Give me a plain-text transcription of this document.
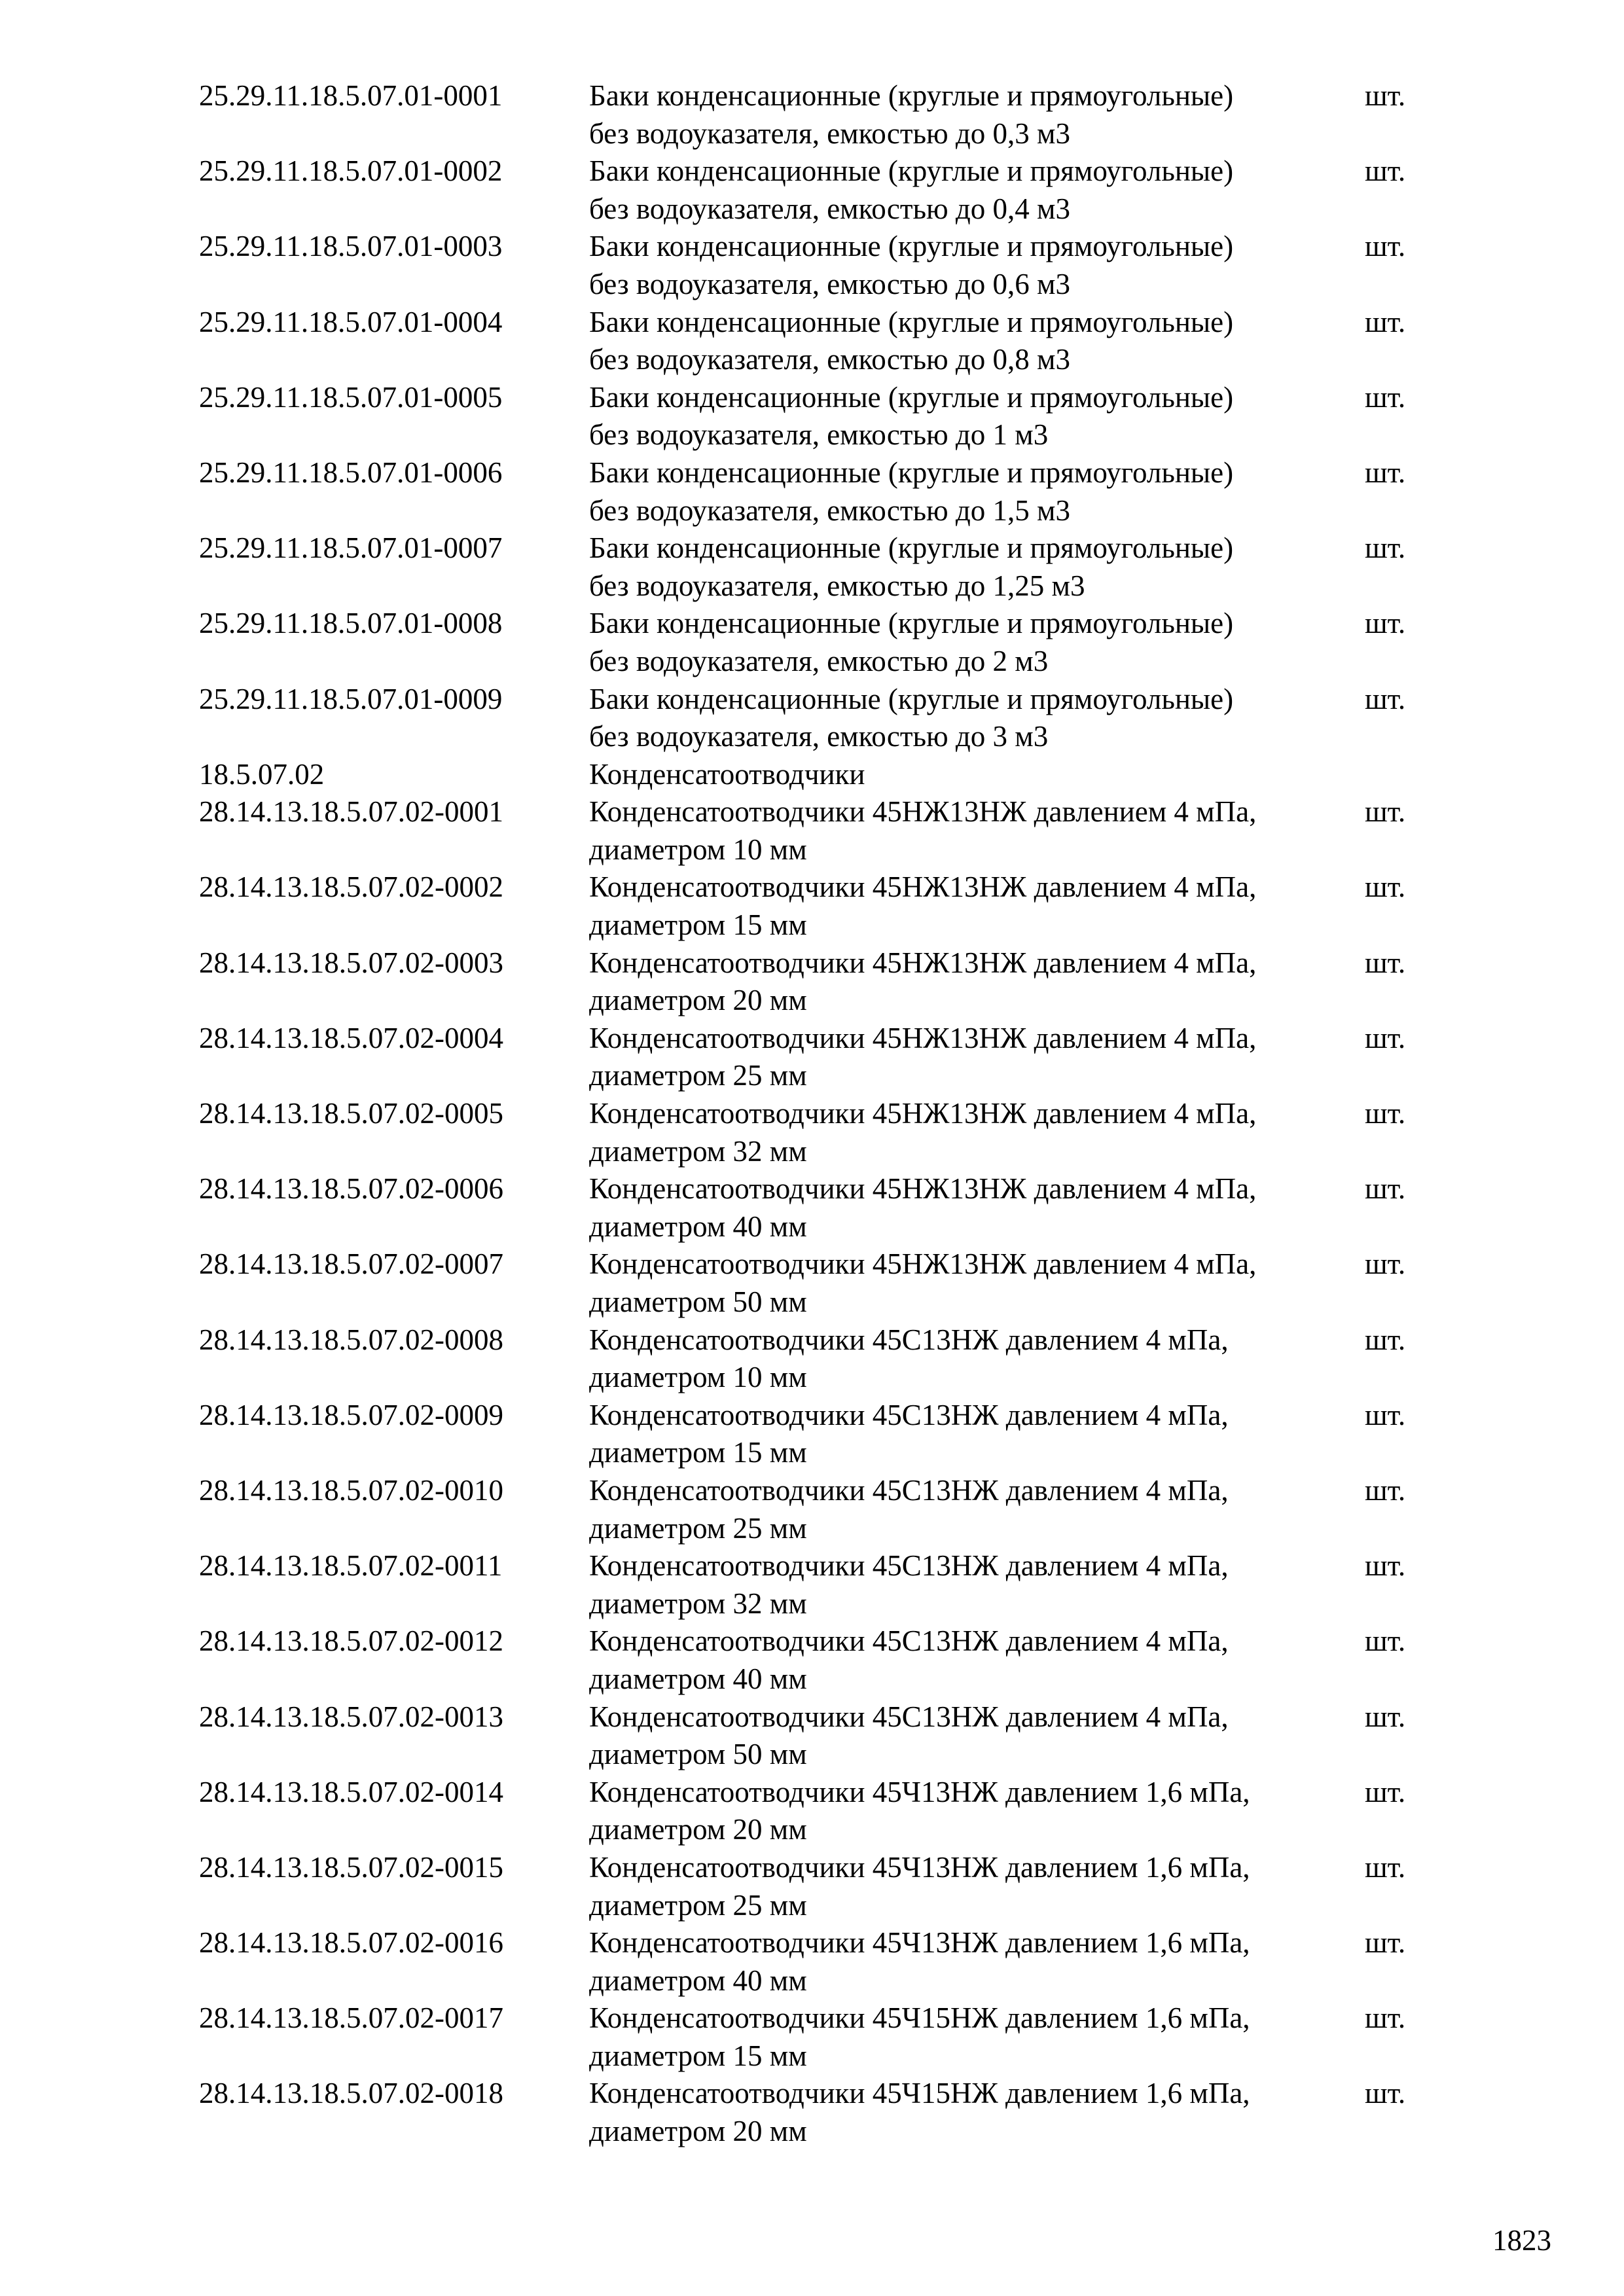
25.29.11.18.5.07.01-0001	Баки конденсационные (круглые и прямоугольные)
без водоуказателя, емкостью до 0,3 м3
шт.
25.29.11.18.5.07.01-0002	Баки конденсационные (круглые и прямоугольные)
без водоуказателя, емкостью до 0,4 м3
шт.
25.29.11.18.5.07.01-0003	Баки конденсационные (круглые и прямоугольные)
без водоуказателя, емкостью до 0,6 м3
шт.
25.29.11.18.5.07.01-0004	Баки конденсационные (круглые и прямоугольные)
без водоуказателя, емкостью до 0,8 м3
шт.
25.29.11.18.5.07.01-0005	Баки конденсационные (круглые и прямоугольные)
без водоуказателя, емкостью до 1 м3
шт.
25.29.11.18.5.07.01-0006	Баки конденсационные (круглые и прямоугольные)
без водоуказателя, емкостью до 1,5 м3
шт.
25.29.11.18.5.07.01-0007	Баки конденсационные (круглые и прямоугольные)
без водоуказателя, емкостью до 1,25 м3
шт.
25.29.11.18.5.07.01-0008	Баки конденсационные (круглые и прямоугольные)
без водоуказателя, емкостью до 2 м3
шт.
25.29.11.18.5.07.01-0009	Баки конденсационные (круглые и прямоугольные)
без водоуказателя, емкостью до 3 м3
шт.
18.5.07.02	Конденсатоотводчики
28.14.13.18.5.07.02-0001	Конденсатоотводчики 45НЖ13НЖ давлением 4 мПа,
диаметром 10 мм
шт.
28.14.13.18.5.07.02-0002	Конденсатоотводчики 45НЖ13НЖ давлением 4 мПа,
диаметром 15 мм
шт.
28.14.13.18.5.07.02-0003	Конденсатоотводчики 45НЖ13НЖ давлением 4 мПа,
диаметром 20 мм
шт.
28.14.13.18.5.07.02-0004	Конденсатоотводчики 45НЖ13НЖ давлением 4 мПа,
диаметром 25 мм
шт.
28.14.13.18.5.07.02-0005	Конденсатоотводчики 45НЖ13НЖ давлением 4 мПа,
диаметром 32 мм
шт.
28.14.13.18.5.07.02-0006	Конденсатоотводчики 45НЖ13НЖ давлением 4 мПа,
диаметром 40 мм
шт.
28.14.13.18.5.07.02-0007	Конденсатоотводчики 45НЖ13НЖ давлением 4 мПа,
диаметром 50 мм
шт.
28.14.13.18.5.07.02-0008	Конденсатоотводчики 45С13НЖ давлением 4 мПа,
диаметром 10 мм
шт.
28.14.13.18.5.07.02-0009	Конденсатоотводчики 45С13НЖ давлением 4 мПа,
диаметром 15 мм
шт.
28.14.13.18.5.07.02-0010	Конденсатоотводчики 45С13НЖ давлением 4 мПа,
диаметром 25 мм
шт.
28.14.13.18.5.07.02-0011	Конденсатоотводчики 45С13НЖ давлением 4 мПа,
диаметром 32 мм
шт.
28.14.13.18.5.07.02-0012	Конденсатоотводчики 45С13НЖ давлением 4 мПа,
диаметром 40 мм
шт.
28.14.13.18.5.07.02-0013	Конденсатоотводчики 45С13НЖ давлением 4 мПа,
диаметром 50 мм
шт.
28.14.13.18.5.07.02-0014	Конденсатоотводчики 45Ч13НЖ давлением 1,6 мПа,
диаметром 20 мм
шт.
28.14.13.18.5.07.02-0015	Конденсатоотводчики 45Ч13НЖ давлением 1,6 мПа,
диаметром 25 мм
шт.
28.14.13.18.5.07.02-0016	Конденсатоотводчики 45Ч13НЖ давлением 1,6 мПа,
диаметром 40 мм
шт.
28.14.13.18.5.07.02-0017	Конденсатоотводчики 45Ч15НЖ давлением 1,6 мПа,
диаметром 15 мм
шт.
28.14.13.18.5.07.02-0018	Конденсатоотводчики 45Ч15НЖ давлением 1,6 мПа,
диаметром 20 мм
шт.
1823
